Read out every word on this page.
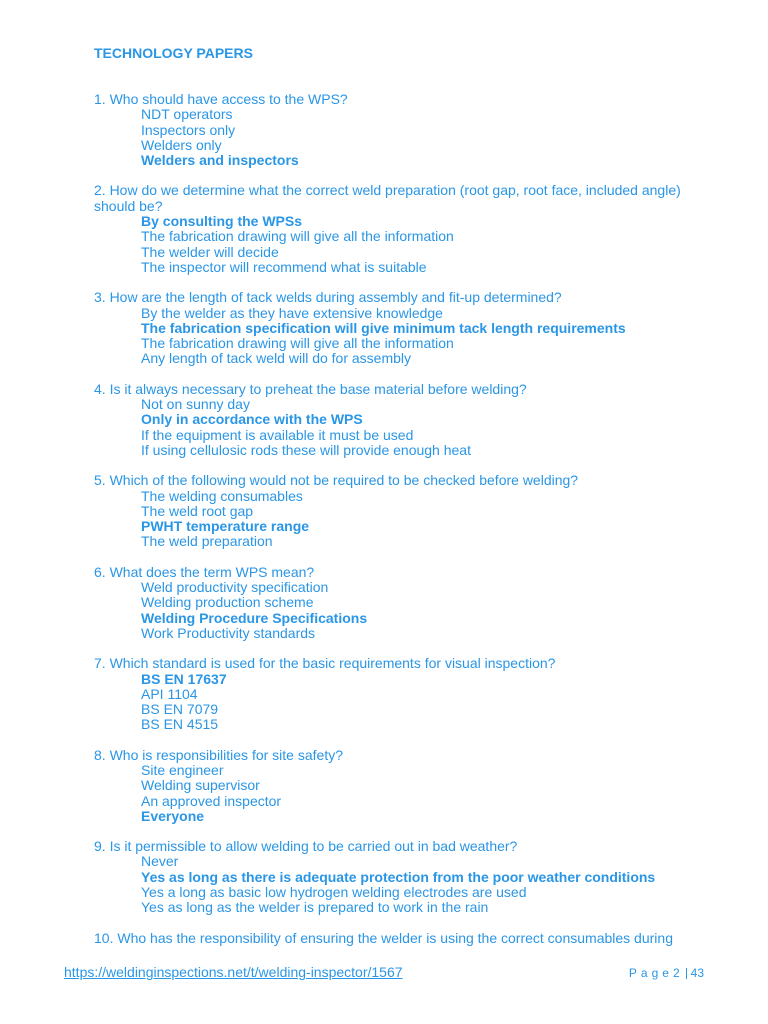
TECHNOLOGY PAPERS

1. Who should have access to the WPS?

NDT operators
Inspectors only
Welders only
Welders and inspectors

2. How do we determine what the correct weld preparation (root gap, root face, included angle) should be?

By consulting the WPSs
The fabrication drawing will give all the information
The welder will decide
The inspector will recommend what is suitable

3. How are the length of tack welds during assembly and fit-up determined?

By the welder as they have extensive knowledge
The fabrication specification will give minimum tack length requirements
The fabrication drawing will give all the information
Any length of tack weld will do for assembly

4. Is it always necessary to preheat the base material before welding?

Not on sunny day
Only in accordance with the WPS
If the equipment is available it must be used
If using cellulosic rods these will provide enough heat

5. Which of the following would not be required to be checked before welding?

The welding consumables
The weld root gap
PWHT temperature range
The weld preparation

6. What does the term WPS mean?

Weld productivity specification
Welding production scheme
Welding Procedure Specifications
Work Productivity standards

7. Which standard is used for the basic requirements for visual inspection?

BS EN 17637
API 1104
BS EN 7079
BS EN 4515

8. Who is responsibilities for site safety?

Site engineer
Welding supervisor
An approved inspector
Everyone

9. Is it permissible to allow welding to be carried out in bad weather?

Never
Yes as long as there is adequate protection from the poor weather conditions
Yes a long as basic low hydrogen welding electrodes are used
Yes as long as the welder is prepared to work in the rain

10. Who has the responsibility of ensuring the welder is using the correct consumables during

https://weldinginspections.net/t/welding-inspector/1567	Page 2 43
